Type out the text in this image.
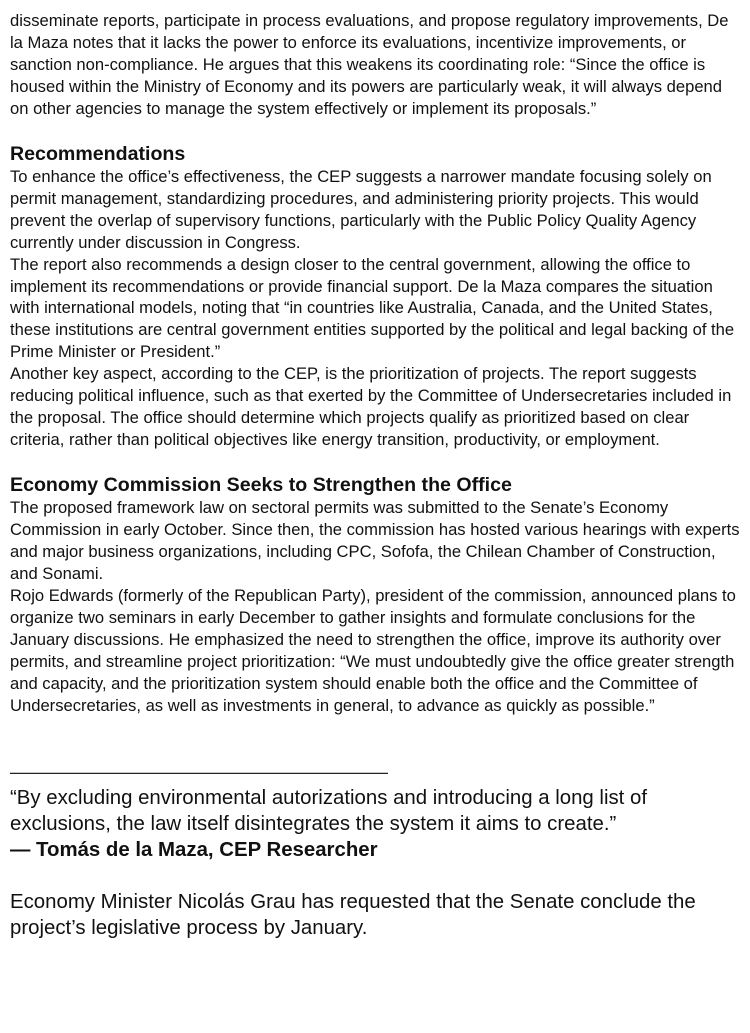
disseminate reports, participate in process evaluations, and propose regulatory improvements, De la Maza notes that it lacks the power to enforce its evaluations, incentivize improvements, or sanction non-compliance. He argues that this weakens its coordinating role: “Since the office is housed within the Ministry of Economy and its powers are particularly weak, it will always depend on other agencies to manage the system effectively or implement its proposals.”

Recommendations

To enhance the office’s effectiveness, the CEP suggests a narrower mandate focusing solely on permit management, standardizing procedures, and administering priority projects. This would prevent the overlap of supervisory functions, particularly with the Public Policy Quality Agency currently under discussion in Congress.

The report also recommends a design closer to the central government, allowing the office to implement its recommendations or provide financial support. De la Maza compares the situation with international models, noting that “in countries like Australia, Canada, and the United States, these institutions are central government entities supported by the political and legal backing of the Prime Minister or President.”

Another key aspect, according to the CEP, is the prioritization of projects. The report suggests reducing political influence, such as that exerted by the Committee of Undersecretaries included in the proposal. The office should determine which projects qualify as prioritized based on clear criteria, rather than political objectives like energy transition, productivity, or employment.

Economy Commission Seeks to Strengthen the Office

The proposed framework law on sectoral permits was submitted to the Senate’s Economy Commission in early October. Since then, the commission has hosted various hearings with experts and major business organizations, including CPC, Sofofa, the Chilean Chamber of Construction, and Sonami.

Rojo Edwards (formerly of the Republican Party), president of the commission, announced plans to organize two seminars in early December to gather insights and formulate conclusions for the January discussions. He emphasized the need to strengthen the office, improve its authority over permits, and streamline project prioritization: “We must undoubtedly give the office greater strength and capacity, and the prioritization system should enable both the office and the Committee of Undersecretaries, as well as investments in general, to advance as quickly as possible.”

—————————————————————

“By excluding environmental autorizations and introducing a long list of exclusions, the law itself disintegrates the system it aims to create.”

— Tomás de la Maza, CEP Researcher

Economy Minister Nicolás Grau has requested that the Senate conclude the project’s legislative process by January.
